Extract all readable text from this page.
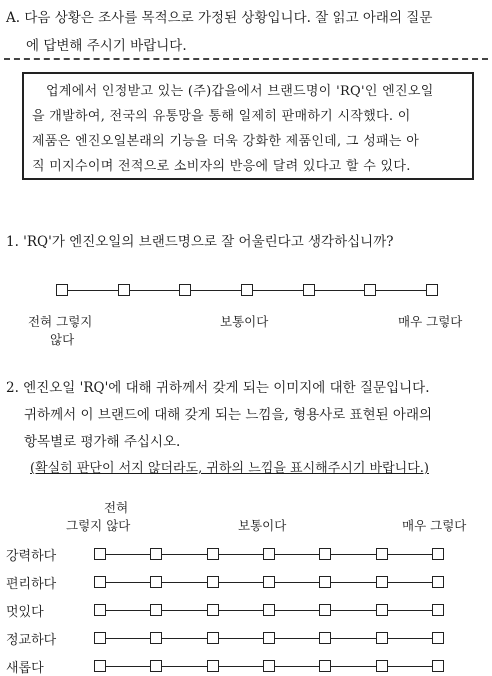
A. 다음 상황은 조사를 목적으로 가정된 상황입니다. 잘 읽고 아래의 질문
에 답변해 주시기 바랍니다.
업계에서 인정받고 있는 (주)갑을에서 브랜드명이 'RQ'인 엔진오일
을 개발하여, 전국의 유통망을 통해 일제히 판매하기 시작했다. 이
제품은 엔진오일본래의 기능을 더욱 강화한 제품인데, 그 성패는 아
직 미지수이며 전적으로 소비자의 반응에 달려 있다고 할 수 있다.
1. 'RQ'가 엔진오일의 브랜드명으로 잘 어울린다고 생각하십니까?
전혀 그렇지
않다
보통이다	매우 그렇다
2. 엔진오일 'RQ'에 대해 귀하께서 갖게 되는 이미지에 대한 질문입니다.
귀하께서 이 브랜드에 대해 갖게 되는 느낌을, 형용사로 표현된 아래의
항목별로 평가해 주십시오.
(확실히 판단이 서지 않더라도, 귀하의 느낌을 표시해주시기 바랍니다.)
전혀
그렇지 않다	보통이다	매우 그렇다
강력하다
편리하다
멋있다
정교하다
새롭다
